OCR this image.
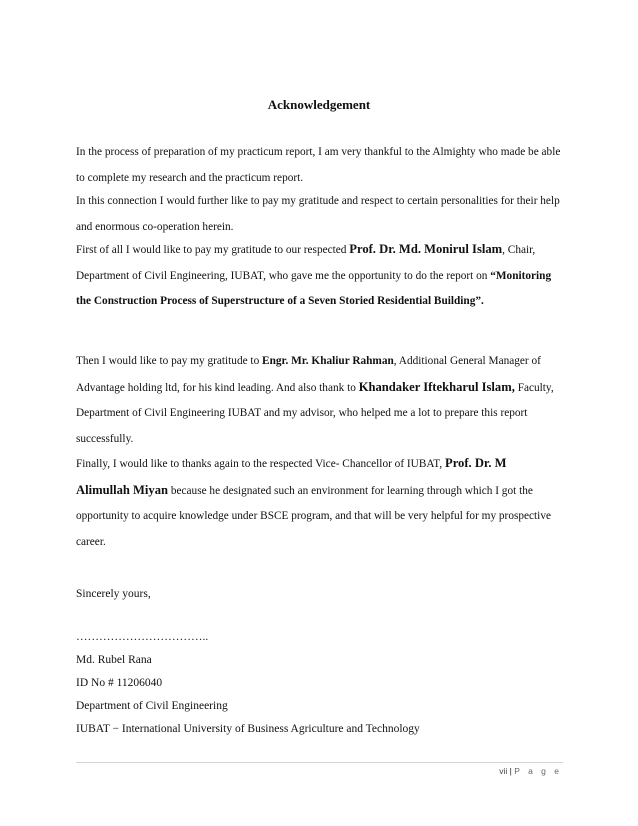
Acknowledgement
In the process of preparation of my practicum report, I am very thankful to the Almighty who made be able to complete my research and the practicum report.
In this connection I would further like to pay my gratitude and respect to certain personalities for their help and enormous co-operation herein.
First of all I would like to pay my gratitude to our respected Prof. Dr. Md. Monirul Islam, Chair, Department of Civil Engineering, IUBAT, who gave me the opportunity to do the report on “Monitoring the Construction Process of Superstructure of a Seven Storied Residential Building”.
Then I would like to pay my gratitude to Engr. Mr. Khaliur Rahman, Additional General Manager of Advantage holding ltd, for his kind leading. And also thank to Khandaker Iftekharul Islam, Faculty, Department of Civil Engineering IUBAT and my advisor, who helped me a lot to prepare this report successfully.
Finally, I would like to thanks again to the respected Vice- Chancellor of IUBAT, Prof. Dr. M Alimullah Miyan because he designated such an environment for learning through which I got the opportunity to acquire knowledge under BSCE program, and that will be very helpful for my prospective career.
Sincerely yours,
……………………………..
Md. Rubel Rana
ID No # 11206040
Department of Civil Engineering
IUBAT − International University of Business Agriculture and Technology
vii | P a g e
